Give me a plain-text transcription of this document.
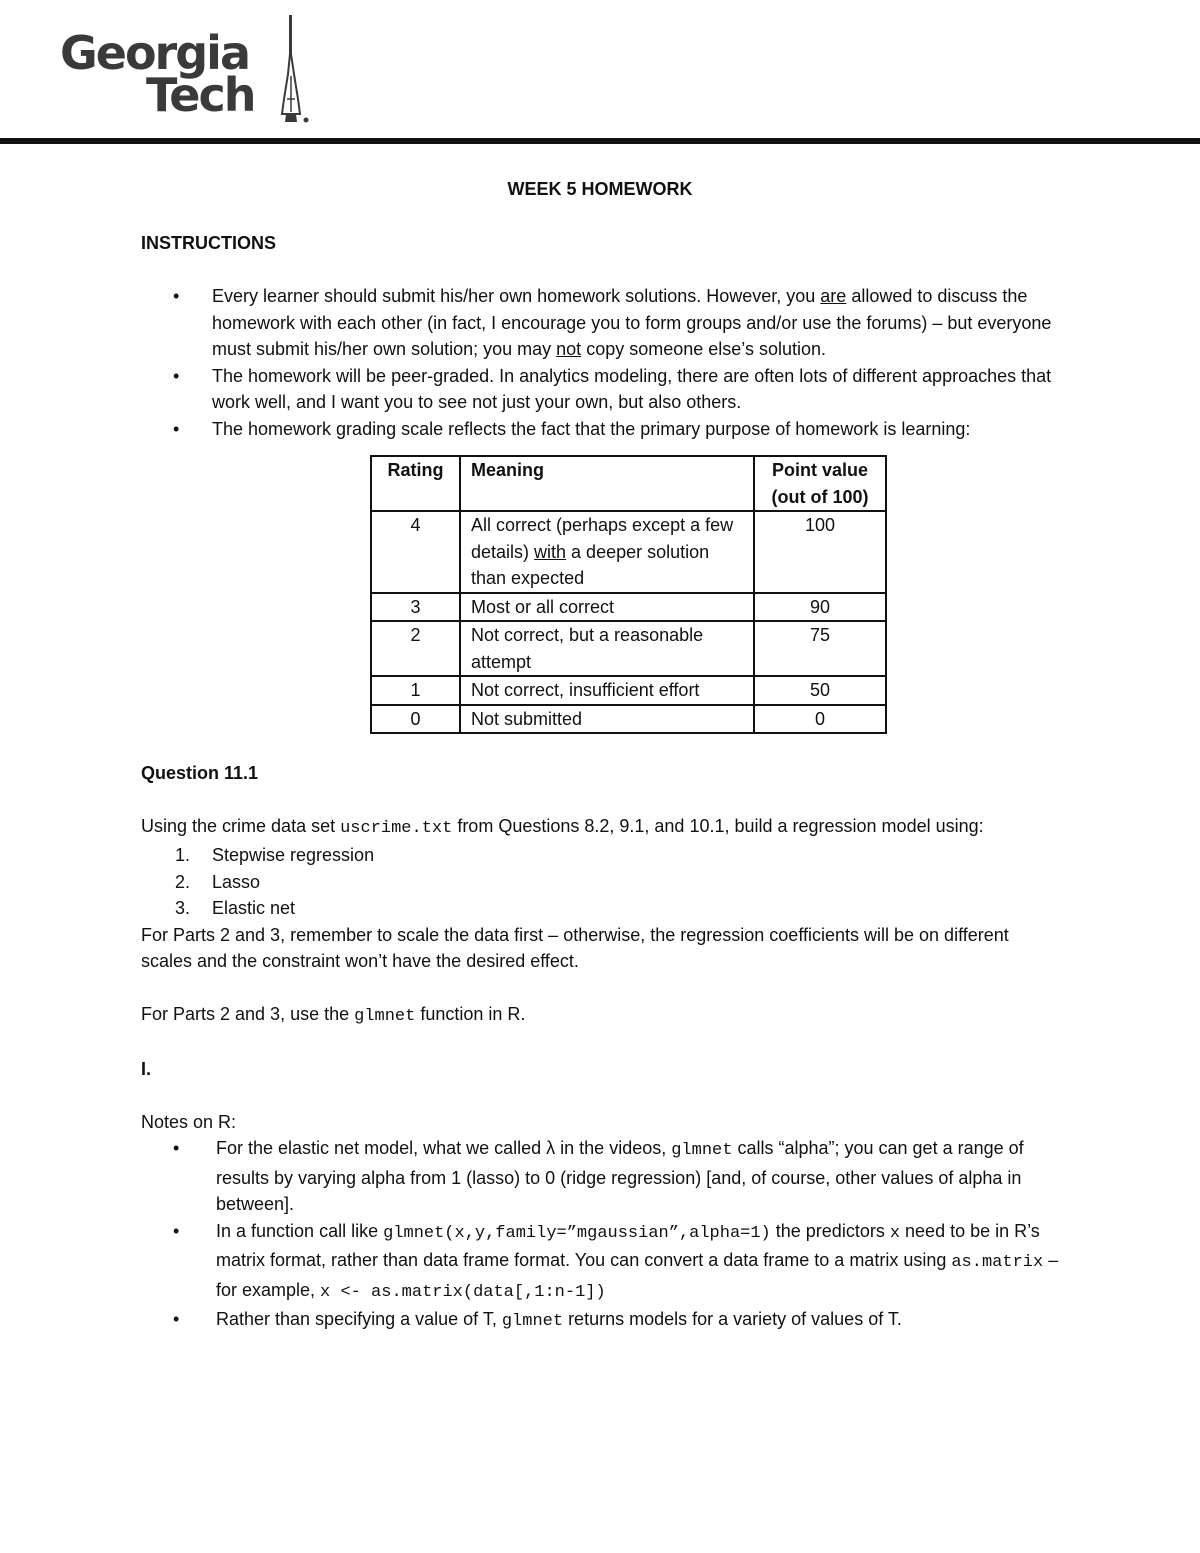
Georgia
Tech

WEEK 5 HOMEWORK

INSTRUCTIONS

• Every learner should submit his/her own homework solutions. However, you are allowed to discuss the homework with each other (in fact, I encourage you to form groups and/or use the forums) – but everyone must submit his/her own solution; you may not copy someone else’s solution.
• The homework will be peer-graded. In analytics modeling, there are often lots of different approaches that work well, and I want you to see not just your own, but also others.
• The homework grading scale reflects the fact that the primary purpose of homework is learning:
Rating	Meaning	Point value (out of 100)
4	All correct (perhaps except a few details) with a deeper solution than expected	100
3	Most or all correct	90
2	Not correct, but a reasonable attempt	75
1	Not correct, insufficient effort	50
0	Not submitted	0

Question 11.1

Using the crime data set uscrime.txt from Questions 8.2, 9.1, and 10.1, build a regression model using:

1. Stepwise regression
2. Lasso
3. Elastic net

For Parts 2 and 3, remember to scale the data first – otherwise, the regression coefficients will be on different scales and the constraint won’t have the desired effect.

For Parts 2 and 3, use the glmnet function in R.

I.

Notes on R:

• For the elastic net model, what we called λ in the videos, glmnet calls “alpha”; you can get a range of results by varying alpha from 1 (lasso) to 0 (ridge regression) [and, of course, other values of alpha in between].
• In a function call like glmnet(x,y,family=”mgaussian”,alpha=1) the predictors x need to be in R’s matrix format, rather than data frame format. You can convert a data frame to a matrix using as.matrix – for example, x <- as.matrix(data[,1:n-1])
• Rather than specifying a value of T, glmnet returns models for a variety of values of T.
